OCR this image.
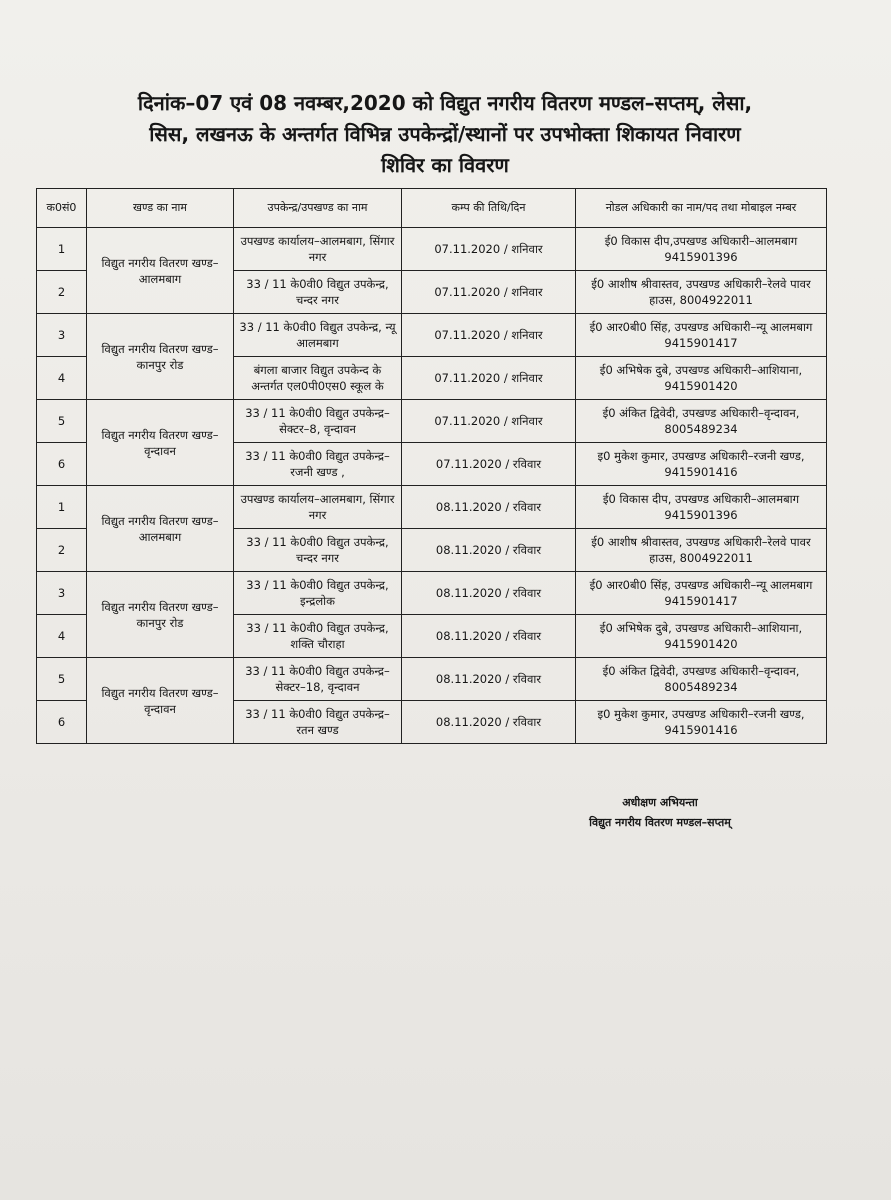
दिनांक–07 एवं 08 नवम्बर,2020 को विद्युत नगरीय वितरण मण्डल–सप्तम्, लेसा,
सिस, लखनऊ के अन्तर्गत विभिन्न उपकेन्द्रों/स्थानों पर उपभोक्ता शिकायत निवारण
शिविर का विवरण
क0सं0	खण्ड का नाम	उपकेन्द्र/उपखण्ड का नाम	कम्प की तिथि/दिन	नोडल अधिकारी का नाम/पद तथा मोबाइल नम्बर
1	विद्युत नगरीय वितरण खण्ड–आलमबाग	उपखण्ड कार्यालय–आलमबाग, सिंगार नगर	07.11.2020 / शनिवार	ई0 विकास दीप,उपखण्ड अधिकारी–आलमबाग 9415901396
2		33 / 11 के0वी0 विद्युत उपकेन्द्र, चन्दर नगर	07.11.2020 / शनिवार	ई0 आशीष श्रीवास्तव, उपखण्ड अधिकारी–रेलवे पावर हाउस, 8004922011
3	विद्युत नगरीय वितरण खण्ड–कानपुर रोड	33 / 11 के0वी0 विद्युत उपकेन्द्र, न्यू आलमबाग	07.11.2020 / शनिवार	ई0 आर0बी0 सिंह, उपखण्ड अधिकारी–न्यू आलमबाग 9415901417
4		बंगला बाजार विद्युत उपकेन्द के अन्तर्गत एल0पी0एस0 स्कूल के	07.11.2020 / शनिवार	ई0 अभिषेक दुबे, उपखण्ड अधिकारी–आशियाना, 9415901420
5	विद्युत नगरीय वितरण खण्ड–वृन्दावन	33 / 11 के0वी0 विद्युत उपकेन्द्र–सेक्टर–8, वृन्दावन	07.11.2020 / शनिवार	ई0 अंकित द्विवेदी, उपखण्ड अधिकारी–वृन्दावन, 8005489234
6		33 / 11 के0वी0 विद्युत उपकेन्द्र–रजनी खण्ड ,	07.11.2020 / रविवार	इ0 मुकेश कुमार, उपखण्ड अधिकारी–रजनी खण्ड, 9415901416
1	विद्युत नगरीय वितरण खण्ड–आलमबाग	उपखण्ड कार्यालय–आलमबाग, सिंगार नगर	08.11.2020 / रविवार	ई0 विकास दीप, उपखण्ड अधिकारी–आलमबाग 9415901396
2		33 / 11 के0वी0 विद्युत उपकेन्द्र, चन्दर नगर	08.11.2020 / रविवार	ई0 आशीष श्रीवास्तव, उपखण्ड अधिकारी–रेलवे पावर हाउस, 8004922011
3	विद्युत नगरीय वितरण खण्ड–कानपुर रोड	33 / 11 के0वी0 विद्युत उपकेन्द्र, इन्द्रलोक	08.11.2020 / रविवार	ई0 आर0बी0 सिंह, उपखण्ड अधिकारी–न्यू आलमबाग 9415901417
4		33 / 11 के0वी0 विद्युत उपकेन्द्र, शक्ति चौराहा	08.11.2020 / रविवार	ई0 अभिषेक दुबे, उपखण्ड अधिकारी–आशियाना, 9415901420
5	विद्युत नगरीय वितरण खण्ड–वृन्दावन	33 / 11 के0वी0 विद्युत उपकेन्द्र–सेक्टर–18, वृन्दावन	08.11.2020 / रविवार	ई0 अंकित द्विवेदी, उपखण्ड अधिकारी–वृन्दावन, 8005489234
6		33 / 11 के0वी0 विद्युत उपकेन्द्र–रतन खण्ड	08.11.2020 / रविवार	इ0 मुकेश कुमार, उपखण्ड अधिकारी–रजनी खण्ड, 9415901416
अधीक्षण अभियन्ता
विद्युत नगरीय वितरण मण्डल–सप्तम्
